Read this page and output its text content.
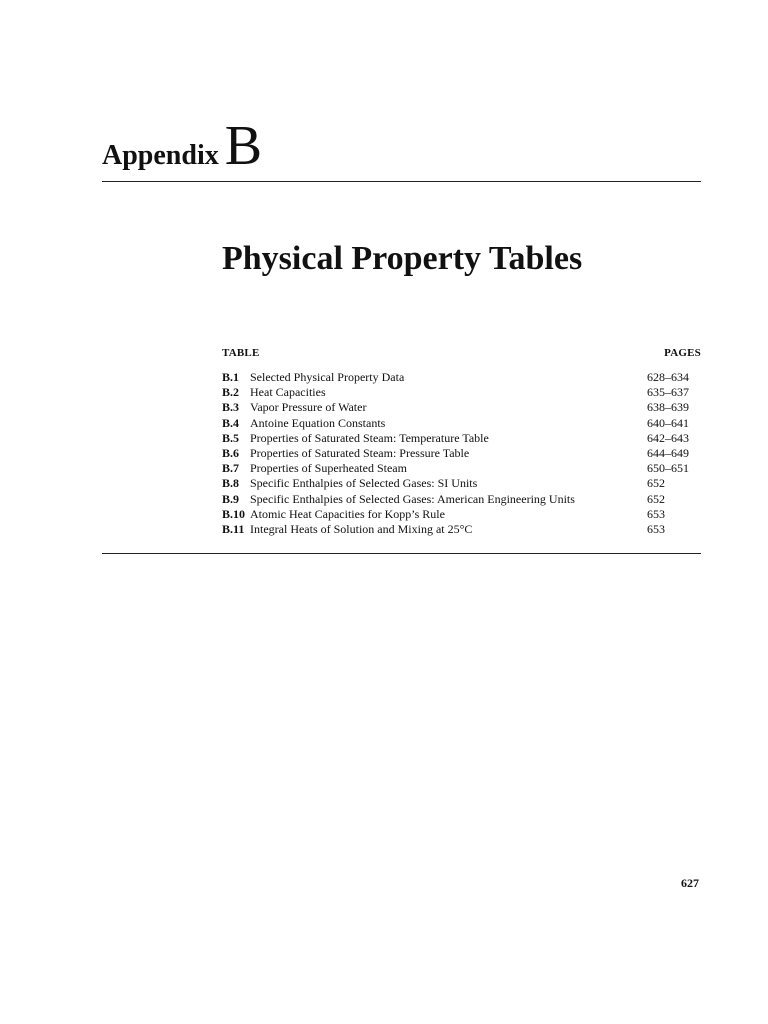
Appendix B
Physical Property Tables
TABLE	PAGES
B.1 Selected Physical Property Data	628–634
B.2 Heat Capacities	635–637
B.3 Vapor Pressure of Water	638–639
B.4 Antoine Equation Constants	640–641
B.5 Properties of Saturated Steam: Temperature Table	642–643
B.6 Properties of Saturated Steam: Pressure Table	644–649
B.7 Properties of Superheated Steam	650–651
B.8 Specific Enthalpies of Selected Gases: SI Units	652
B.9 Specific Enthalpies of Selected Gases: American Engineering Units	652
B.10 Atomic Heat Capacities for Kopp’s Rule	653
B.11 Integral Heats of Solution and Mixing at 25°C	653
627
